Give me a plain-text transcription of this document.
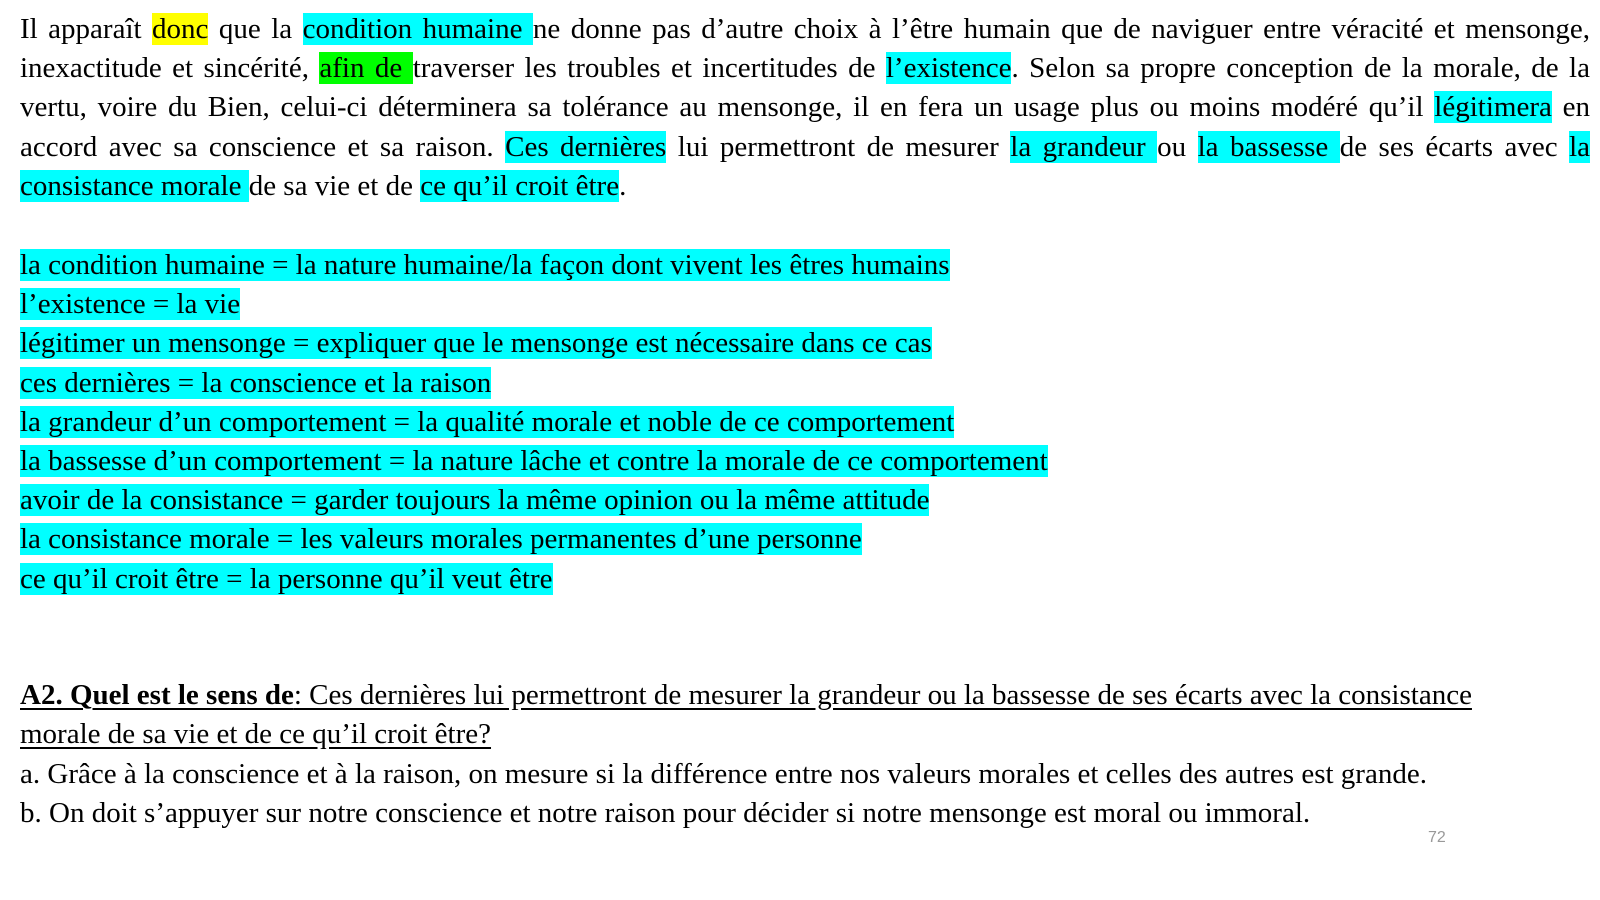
Il apparaît donc que la condition humaine ne donne pas d’autre choix à l’être humain que de naviguer entre véracité et mensonge, inexactitude et sincérité, afin de traverser les troubles et incertitudes de l’existence. Selon sa propre conception de la morale, de la vertu, voire du Bien, celui-ci déterminera sa tolérance au mensonge, il en fera un usage plus ou moins modéré qu’il légitimera en accord avec sa conscience et sa raison. Ces dernières lui permettront de mesurer la grandeur ou la bassesse de ses écarts avec la consistance morale de sa vie et de ce qu’il croit être.

la condition humaine = la nature humaine/la façon dont vivent les êtres humains
l’existence = la vie
légitimer un mensonge = expliquer que le mensonge est nécessaire dans ce cas
ces dernières = la conscience et la raison
la grandeur d’un comportement = la qualité morale et noble de ce comportement
la bassesse d’un comportement = la nature lâche et contre la morale de ce comportement
avoir de la consistance = garder toujours la même opinion ou la même attitude
la consistance morale = les valeurs morales permanentes d’une personne
ce qu’il croit être = la personne qu’il veut être

A2. Quel est le sens de: Ces dernières lui permettront de mesurer la grandeur ou la bassesse de ses écarts avec la consistance morale de sa vie et de ce qu’il croit être?

a. Grâce à la conscience et à la raison, on mesure si la différence entre nos valeurs morales et celles des autres est grande.
b. On doit s’appuyer sur notre conscience et notre raison pour décider si notre mensonge est moral ou immoral.
72
